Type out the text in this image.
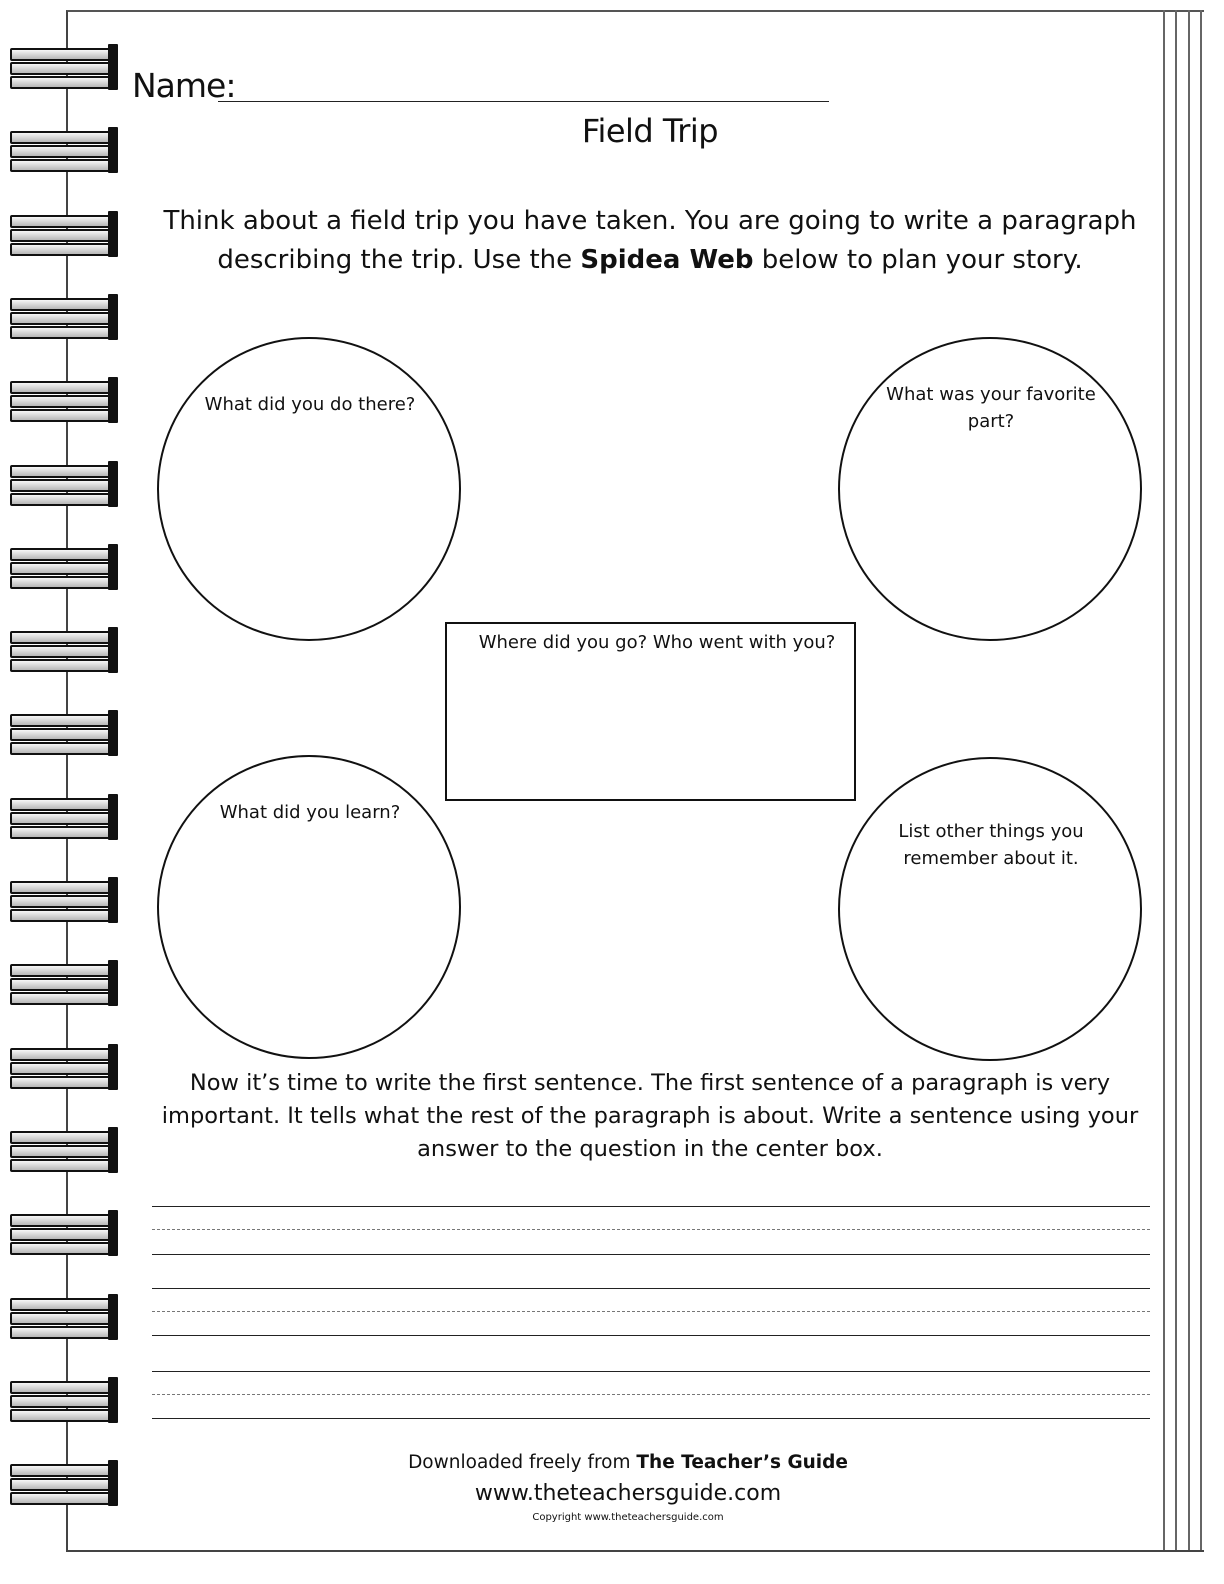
Name:
Field Trip
Think about a field trip you have taken. You are going to write a paragraph describing the trip. Use the Spidea Web below to plan your story.
What did you do there?	What was your favorite
part?
Where did you go? Who went with you?
What did you learn?
List other things you
remember about it.
Now it’s time to write the first sentence. The first sentence of a paragraph is very
important. It tells what the rest of the paragraph is about. Write a sentence using your
answer to the question in the center box.
Downloaded freely from The Teacher’s Guide
www.theteachersguide.com
Copyright www.theteachersguide.com
